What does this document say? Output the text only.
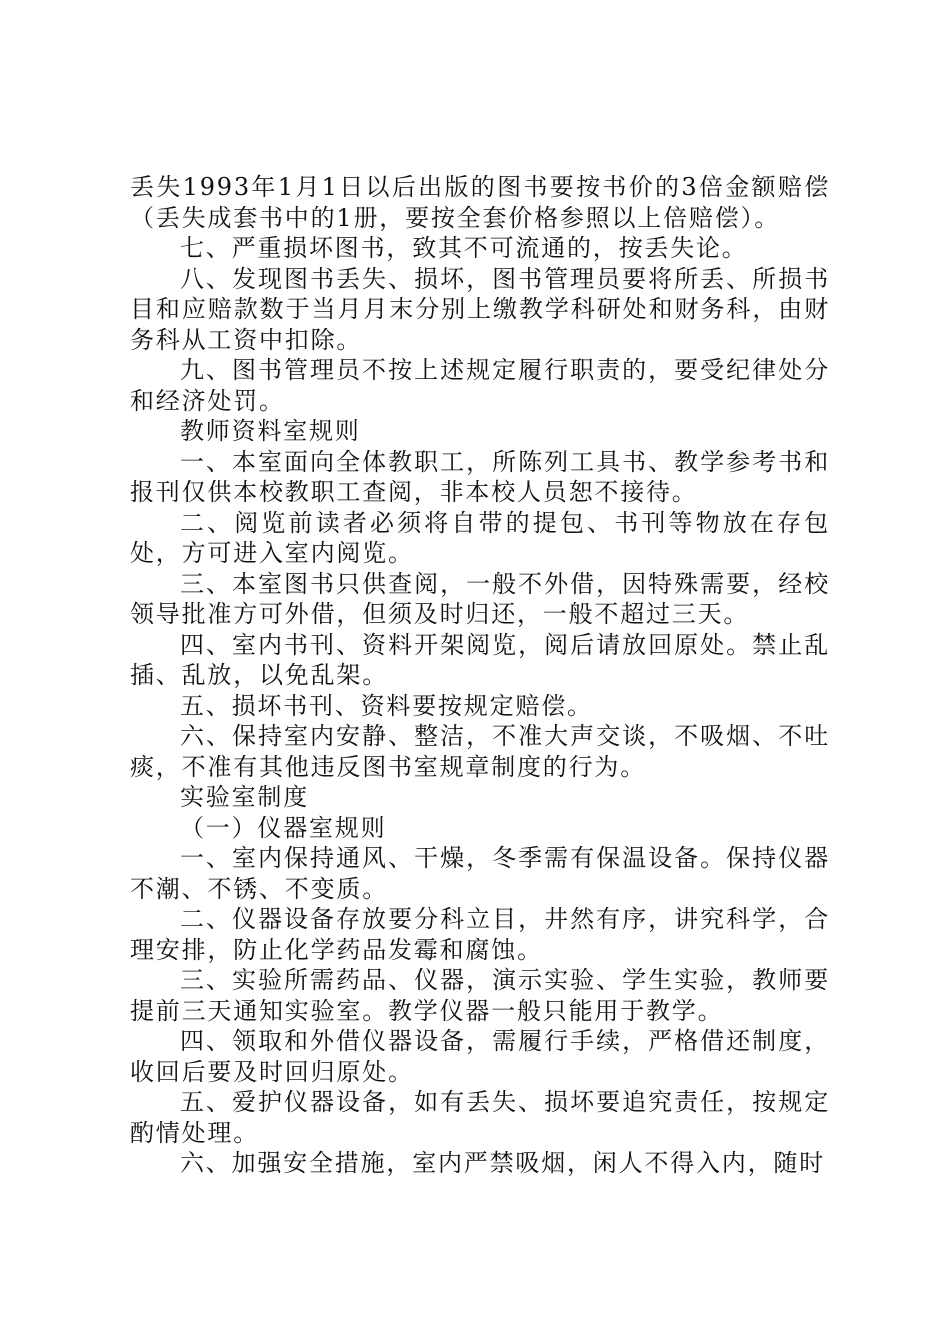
丢失1993年1月1日以后出版的图书要按书价的3倍金额赔偿（丢失成套书中的1册，要按全套价格参照以上倍赔偿）。

七、严重损坏图书，致其不可流通的，按丢失论。

八、发现图书丢失、损坏，图书管理员要将所丢、所损书目和应赔款数于当月月末分别上缴教学科研处和财务科，由财务科从工资中扣除。

九、图书管理员不按上述规定履行职责的，要受纪律处分和经济处罚。

教师资料室规则

一、本室面向全体教职工，所陈列工具书、教学参考书和报刊仅供本校教职工查阅，非本校人员恕不接待。

二、阅览前读者必须将自带的提包、书刊等物放在存包处，方可进入室内阅览。

三、本室图书只供查阅，一般不外借，因特殊需要，经校领导批准方可外借，但须及时归还，一般不超过三天。

四、室内书刊、资料开架阅览，阅后请放回原处。禁止乱插、乱放，以免乱架。

五、损坏书刊、资料要按规定赔偿。

六、保持室内安静、整洁，不准大声交谈，不吸烟、不吐痰，不准有其他违反图书室规章制度的行为。

实验室制度

（一）仪器室规则

一、室内保持通风、干燥，冬季需有保温设备。保持仪器不潮、不锈、不变质。

二、仪器设备存放要分科立目，井然有序，讲究科学，合理安排，防止化学药品发霉和腐蚀。

三、实验所需药品、仪器，演示实验、学生实验，教师要提前三天通知实验室。教学仪器一般只能用于教学。

四、领取和外借仪器设备，需履行手续，严格借还制度，收回后要及时回归原处。

五、爱护仪器设备，如有丢失、损坏要追究责任，按规定酌情处理。

六、加强安全措施，室内严禁吸烟，闲人不得入内，随时
